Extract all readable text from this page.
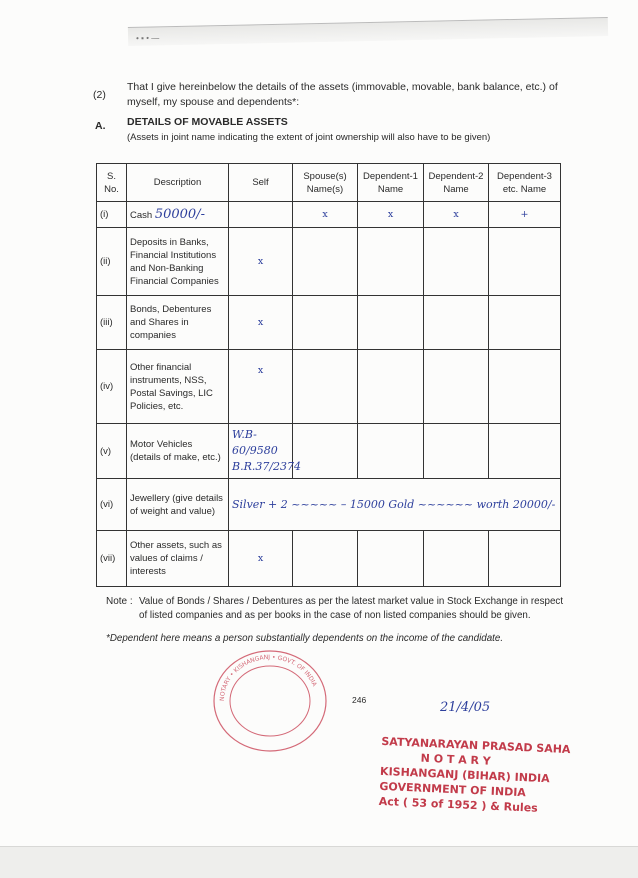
• ▪ • —
(2)
That I give hereinbelow the details of the assets (immovable, movable, bank balance, etc.) of
myself, my spouse and dependents*:
A. DETAILS OF MOVABLE ASSETS
(Assets in joint name indicating the extent of joint ownership will also have to be given)
S. No.	Description	Self	Spouse(s) Name(s)	Dependent-1 Name	Dependent-2 Name	Dependent-3 etc. Name
(i)	Cash 50000/-		x	x	x	+
(ii)	Deposits in Banks, Financial Institutions and Non-Banking Financial Companies	x				
(iii)	Bonds, Debentures and Shares in companies	x				
(iv)	Other financial instruments, NSS, Postal Savings, LIC Policies, etc.	x				
(v)	Motor Vehicles (details of make, etc.)	W.B-60/9580 B.R.37/2374				
(vi)	Jewellery (give details of weight and value)	Silver + 2 ~~~~~ – 15000 Gold ~~~~~~ worth 20000/-				
(vii)	Other assets, such as values of claims / interests	x				
Note : Value of Bonds / Shares / Debentures as per the latest market value in Stock Exchange in respect
of listed companies and as per books in the case of non listed companies should be given.
*Dependent here means a person substantially dependents on the income of the candidate.
NOTARY • KISHANGANJ • GOVT. OF INDIA
246	21/4/05
SATYANARAYAN PRASAD SAHA
N O T A R Y
KISHANGANJ (BIHAR) INDIA
GOVERNMENT OF INDIA
Act ( 53 of 1952 ) & Rules
